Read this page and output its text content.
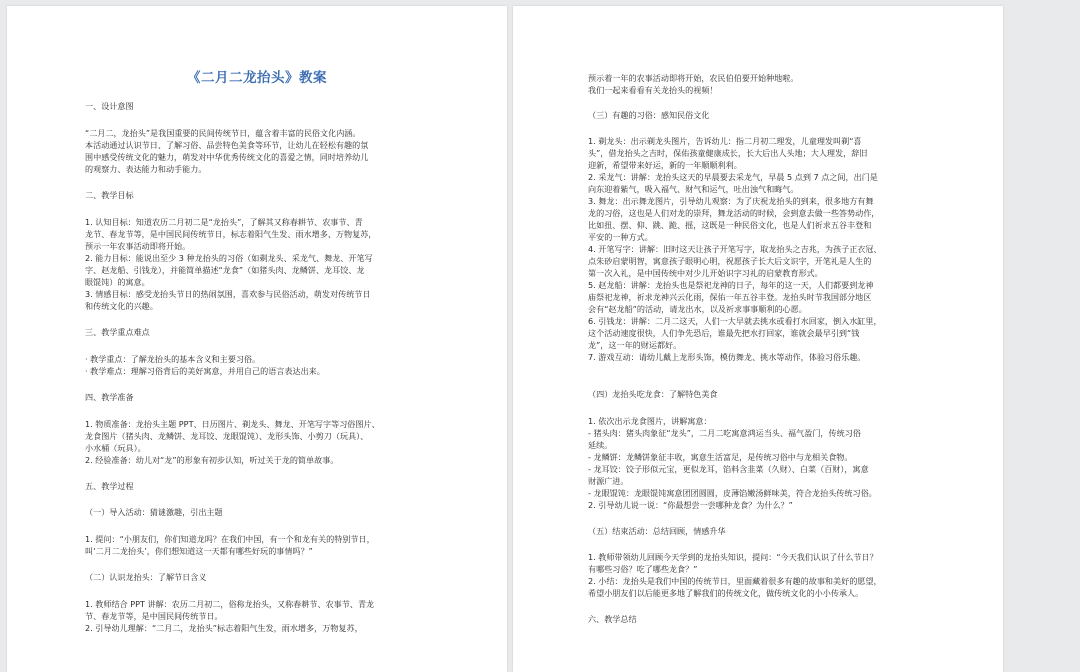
《二月二龙抬头》教案
一、设计意图
“二月二，龙抬头”是我国重要的民间传统节日，蕴含着丰富的民俗文化内涵。
本活动通过认识节日、了解习俗、品尝特色美食等环节，让幼儿在轻松有趣的氛
围中感受传统文化的魅力，萌发对中华优秀传统文化的喜爱之情，同时培养幼儿
的观察力、表达能力和动手能力。
二、教学目标
1. 认知目标：知道农历二月初二是“龙抬头”，了解其又称春耕节、农事节、青
龙节、春龙节等，是中国民间传统节日，标志着阳气生发、雨水增多、万物复苏，
预示一年农事活动即将开始。
2. 能力目标：能说出至少 3 种龙抬头的习俗（如剃龙头、采龙气、舞龙、开笔写
字、赵龙船、引钱龙），并能简单描述“龙食”（如猪头肉、龙鳞饼、龙耳饺、龙
眼馄饨）的寓意。
3. 情感目标：感受龙抬头节日的热闹氛围，喜欢参与民俗活动，萌发对传统节日
和传统文化的兴趣。
三、教学重点难点
· 教学重点：了解龙抬头的基本含义和主要习俗。
· 教学难点：理解习俗背后的美好寓意，并用自己的语言表达出来。
四、教学准备
1. 物质准备：龙抬头主题 PPT、日历图片、剃龙头、舞龙、开笔写字等习俗图片、
龙食图片（猪头肉、龙鳞饼、龙耳饺、龙眼馄饨）、龙形头饰、小剪刀（玩具）、
小水桶（玩具）。
2. 经验准备：幼儿对“龙”的形象有初步认知，听过关于龙的简单故事。
五、教学过程
（一）导入活动：猜谜激趣，引出主题
1. 提问：“小朋友们，你们知道龙吗？在我们中国，有一个和龙有关的特别节日，
叫‘二月二龙抬头’，你们想知道这一天都有哪些好玩的事情吗？”
（二）认识龙抬头：了解节日含义
1. 教师结合 PPT 讲解：农历二月初二，俗称龙抬头，又称春耕节、农事节、青龙
节、春龙节等，是中国民间传统节日。
2. 引导幼儿理解：“二月二，龙抬头”标志着阳气生发，雨水增多，万物复苏，
预示着一年的农事活动即将开始，农民伯伯要开始种地啦。
我们一起来看看有关龙抬头的视频！
（三）有趣的习俗：感知民俗文化
1. 剃龙头：出示剃龙头图片，告诉幼儿：指二月初二理发，儿童理发叫剃“喜
头”，借龙抬头之吉时，保佑孩童健康成长，长大后出人头地；大人理发，辞旧
迎新，希望带来好运，新的一年顺顺利利。
2. 采龙气：讲解：龙抬头这天的早晨要去采龙气，早晨 5 点到 7 点之间，出门是
向东迎着紫气，吸入福气、财气和运气，吐出浊气和晦气。
3. 舞龙：出示舞龙图片，引导幼儿观察：为了庆祝龙抬头的到来，很多地方有舞
龙的习俗，这也是人们对龙的崇拜，舞龙活动的时候，会到意去做一些答势动作，
比如扭、摆、仰、跳、跪、摇，这既是一种民俗文化，也是人们祈求五谷丰登和
平安的一种方式。
4. 开笔写字：讲解：旧时这天让孩子开笔写字，取龙抬头之吉兆，为孩子正衣冠、
点朱砂启蒙明智，寓意孩子眼明心明，祝愿孩子长大后文识字，开笔礼是人生的
第一次入礼，是中国传统中对少儿开始识字习礼的启蒙教育形式。
5. 赵龙船：讲解：龙抬头也是祭祀龙神的日子，每年的这一天，人们都要到龙神
庙祭祀龙神，祈求龙神兴云化雨，保佑一年五谷丰登。龙抬头时节我国部分地区
会有“赵龙船”的活动，请龙出水，以及祈求事事顺利的心愿。
6. 引钱龙：讲解：二月二这天，人们一大早就去挑水或看打水回家，倒入水缸里，
这个活动速度很快，人们争先恐后，谁最先把水打回家，谁就会最早引到“钱
龙”，这一年的财运都好。
7. 游戏互动：请幼儿戴上龙形头饰，模仿舞龙、挑水等动作，体验习俗乐趣。
（四）龙抬头吃龙食：了解特色美食
1. 依次出示龙食图片，讲解寓意：
- 猪头肉：猪头肉象征“龙头”，二月二吃寓意鸿运当头、福气盈门，传统习俗
延续。
- 龙鳞饼：龙鳞饼象征丰收，寓意生活富足，是传统习俗中与龙相关食物。
- 龙耳饺：饺子形似元宝，更似龙耳，馅料含韭菜（久财）、白菜（百财），寓意
财源广进。
- 龙眼馄饨：龙眼馄饨寓意团团圆圆，皮薄馅嫩汤鲜味美，符合龙抬头传统习俗。
2. 引导幼儿说一说：“你最想尝一尝哪种龙食？为什么？”
（五）结束活动：总结回顾，情感升华
1. 教师带领幼儿回顾今天学到的龙抬头知识，提问：“今天我们认识了什么节日？
有哪些习俗？吃了哪些龙食？”
2. 小结：龙抬头是我们中国的传统节日，里面藏着很多有趣的故事和美好的愿望，
希望小朋友们以后能更多地了解我们的传统文化，做传统文化的小小传承人。
六、教学总结
